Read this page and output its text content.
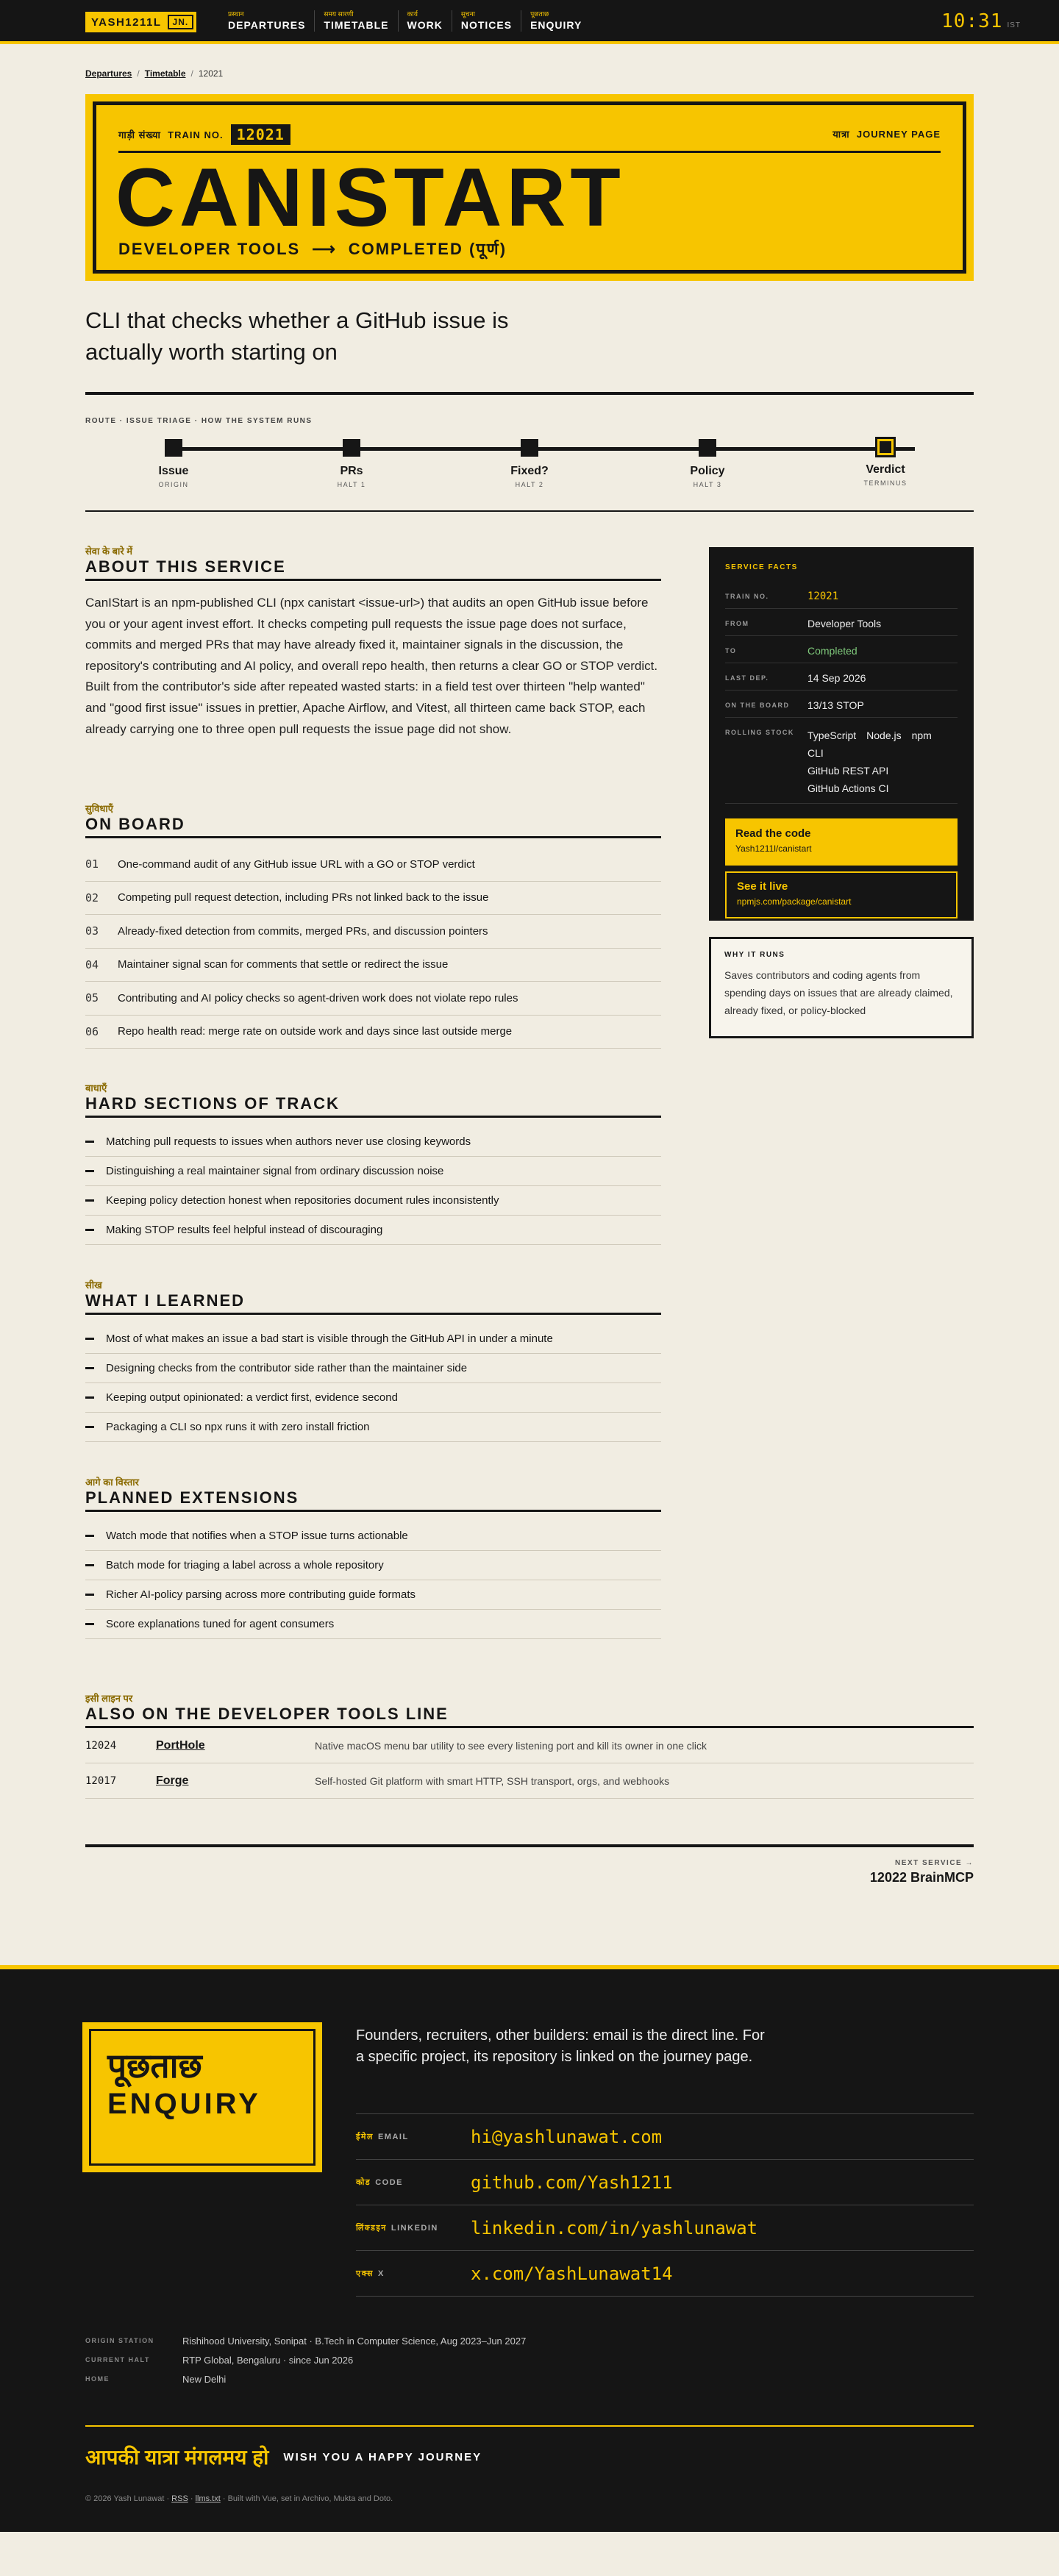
YASH1211L	JN.
प्रस्थान
DEPARTURES
समय सारणी
TIMETABLE
कार्य
WORK
सूचना
NOTICES
पूछताछ
ENQUIRY	10:31 IST
Departures / Timetable / 12021
गाड़ी संख्या
TRAIN NO. 12021	यात्रा JOURNEY PAGE
CANISTART
DEVELOPER TOOLS ⟶ COMPLETED (पूर्ण)
CLI that checks whether a GitHub issue is actually worth starting on
ROUTE · ISSUE TRIAGE · HOW THE SYSTEM RUNS
Issue
ORIGIN
PRs
HALT 1
Fixed?
HALT 2
Policy
HALT 3
Verdict
TERMINUS
सेवा के बारे में
ABOUT THIS SERVICE

CanIStart is an npm-published CLI (npx canistart <issue-url>) that audits an open GitHub issue before you or your agent invest effort. It checks competing pull requests the issue page does not surface, commits and merged PRs that may have already fixed it, maintainer signals in the discussion, the repository's contributing and AI policy, and overall repo health, then returns a clear GO or STOP verdict. Built from the contributor's side after repeated wasted starts: in a field test over thirteen "help wanted" and "good first issue" issues in prettier, Apache Airflow, and Vitest, all thirteen came back STOP, each already carrying one to three open pull requests the issue page did not show.

सुविधाएँ
ON BOARD
01	One-command audit of any GitHub issue URL with a GO or STOP verdict
02	Competing pull request detection, including PRs not linked back to the issue
03	Already-fixed detection from commits, merged PRs, and discussion pointers
04	Maintainer signal scan for comments that settle or redirect the issue
05	Contributing and AI policy checks so agent-driven work does not violate repo rules
06	Repo health read: merge rate on outside work and days since last outside merge
बाधाएँ
HARD SECTIONS OF TRACK
Matching pull requests to issues when authors never use closing keywords
Distinguishing a real maintainer signal from ordinary discussion noise
Keeping policy detection honest when repositories document rules inconsistently
Making STOP results feel helpful instead of discouraging
सीख
WHAT I LEARNED
Most of what makes an issue a bad start is visible through the GitHub API in under a minute
Designing checks from the contributor side rather than the maintainer side
Keeping output opinionated: a verdict first, evidence second
Packaging a CLI so npx runs it with zero install friction
आगे का विस्तार
PLANNED EXTENSIONS
Watch mode that notifies when a STOP issue turns actionable
Batch mode for triaging a label across a whole repository
Richer AI-policy parsing across more contributing guide formats
Score explanations tuned for agent consumers
SERVICE FACTS
TRAIN NO.	12021
FROM	Developer Tools
TO	Completed
LAST DEP.	14 Sep 2026
ON THE BOARD	13/13 STOP
ROLLING STOCK	TypeScript Node.js npm CLI
GitHub REST API
GitHub Actions CI
Read the code
Yash1211l/canistart
See it live
npmjs.com/package/canistart
WHY IT RUNS

Saves contributors and coding agents from spending days on issues that are already claimed, already fixed, or policy-blocked

इसी लाइन पर
ALSO ON THE DEVELOPER TOOLS LINE
12024	PortHole	Native macOS menu bar utility to see every listening port and kill its owner in one click
12017	Forge	Self-hosted Git platform with smart HTTP, SSH transport, orgs, and webhooks
NEXT SERVICE →
12022 BrainMCP
पूछताछ
ENQUIRY
Founders, recruiters, other builders: email is the direct line. For a specific project, its repository is linked on the journey page.
ईमेल EMAIL	hi@yashlunawat.com
कोड CODE	github.com/Yash1211
लिंक्डइन LINKEDIN	linkedin.com/in/yashlunawat
एक्स X	x.com/YashLunawat14
ORIGIN STATION	Rishihood University, Sonipat · B.Tech in Computer Science, Aug 2023–Jun 2027
CURRENT HALT	RTP Global, Bengaluru · since Jun 2026
HOME	New Delhi
आपकी यात्रा मंगलमय हो WISH YOU A HAPPY JOURNEY
© 2026 Yash Lunawat · RSS · llms.txt · Built with Vue, set in Archivo, Mukta and Doto.
